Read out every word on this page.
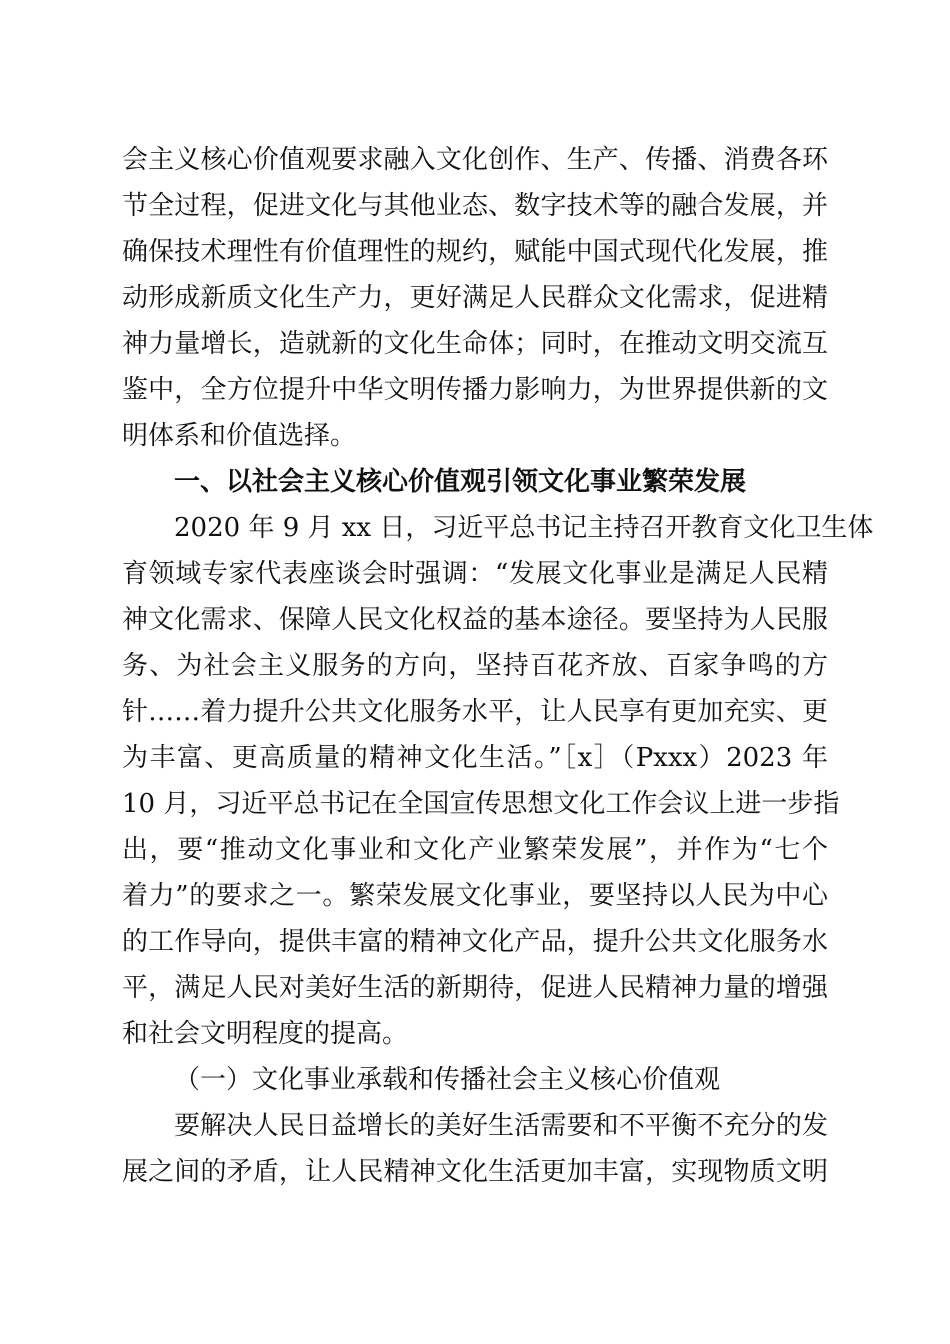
会主义核心价值观要求融入文化创作、生产、传播、消费各环
节全过程，促进文化与其他业态、数字技术等的融合发展，并
确保技术理性有价值理性的规约，赋能中国式现代化发展，推
动形成新质文化生产力，更好满足人民群众文化需求，促进精
神力量增长，造就新的文化生命体；同时，在推动文明交流互
鉴中，全方位提升中华文明传播力影响力，为世界提供新的文
明体系和价值选择。
一、以社会主义核心价值观引领文化事业繁荣发展
2020 年 9 月 xx 日，习近平总书记主持召开教育文化卫生体
育领域专家代表座谈会时强调：“发展文化事业是满足人民精
神文化需求、保障人民文化权益的基本途径。要坚持为人民服
务、为社会主义服务的方向，坚持百花齐放、百家争鸣的方
针……着力提升公共文化服务水平，让人民享有更加充实、更
为丰富、更高质量的精神文化生活。”［x］（Pxxx）2023 年
10 月，习近平总书记在全国宣传思想文化工作会议上进一步指
出，要“推动文化事业和文化产业繁荣发展”，并作为“七个
着力”的要求之一。繁荣发展文化事业，要坚持以人民为中心
的工作导向，提供丰富的精神文化产品，提升公共文化服务水
平，满足人民对美好生活的新期待，促进人民精神力量的增强
和社会文明程度的提高。
（一）文化事业承载和传播社会主义核心价值观
要解决人民日益增长的美好生活需要和不平衡不充分的发
展之间的矛盾，让人民精神文化生活更加丰富，实现物质文明
